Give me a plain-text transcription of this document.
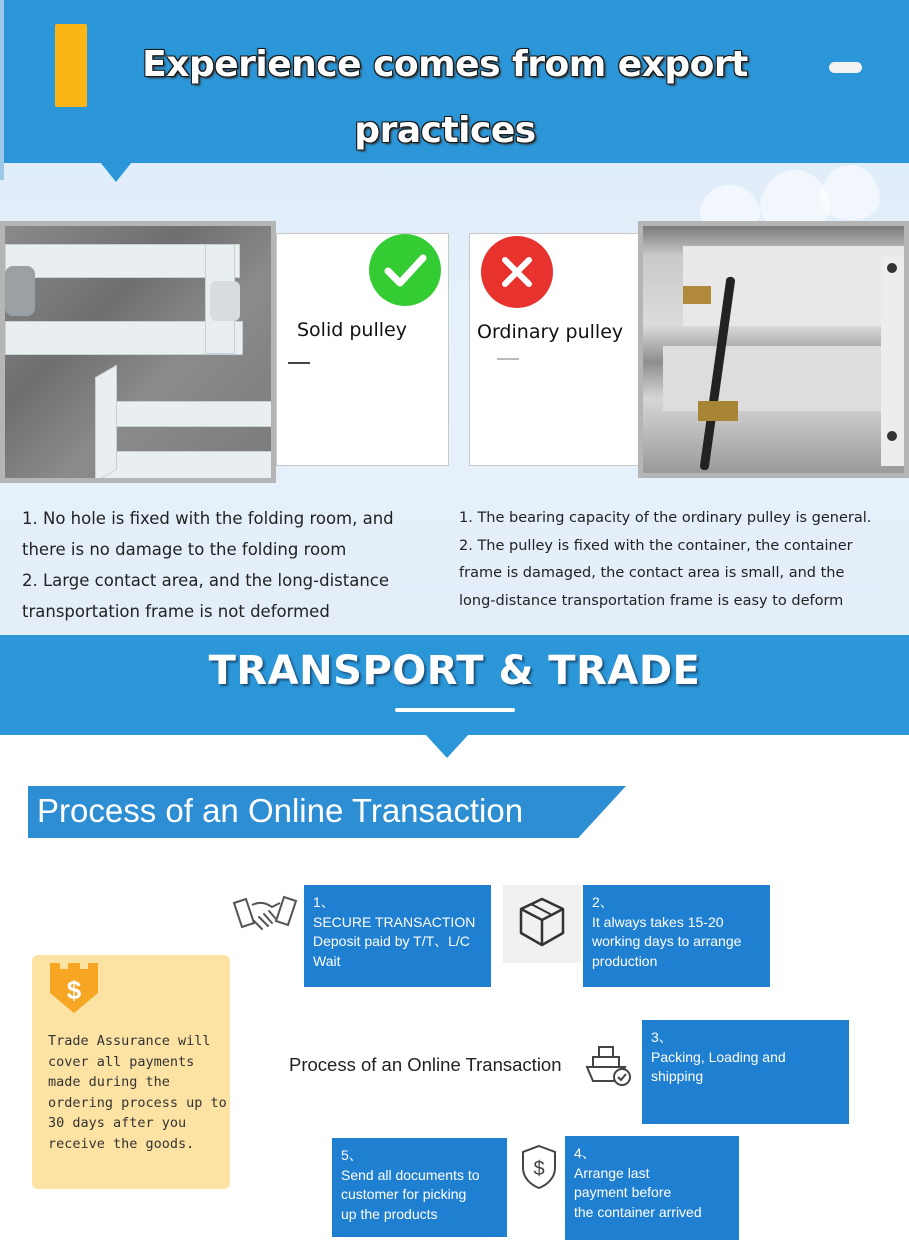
Experience comes from export
practices
Solid pulley	Ordinary pulley
1. No hole is fixed with the folding room, and
there is no damage to the folding room
2. Large contact area, and the long-distance
transportation frame is not deformed
1. The bearing capacity of the ordinary pulley is general.
2. The pulley is fixed with the container, the container
frame is damaged, the contact area is small, and the
long-distance transportation frame is easy to deform
TRANSPORT & TRADE
Process of an Online Transaction
1、
SECURE TRANSACTION
Deposit paid by T/T、L/C
Wait
2、
It always takes 15-20
working days to arrange
production
$
Trade Assurance will
cover all payments
made during the
ordering process up to
30 days after you
receive the goods.
Process of an Online Transaction
3、
Packing, Loading and
shipping
5、
Send all documents to
customer for picking
up the products
$
4、
Arrange last
payment before
the container arrived
